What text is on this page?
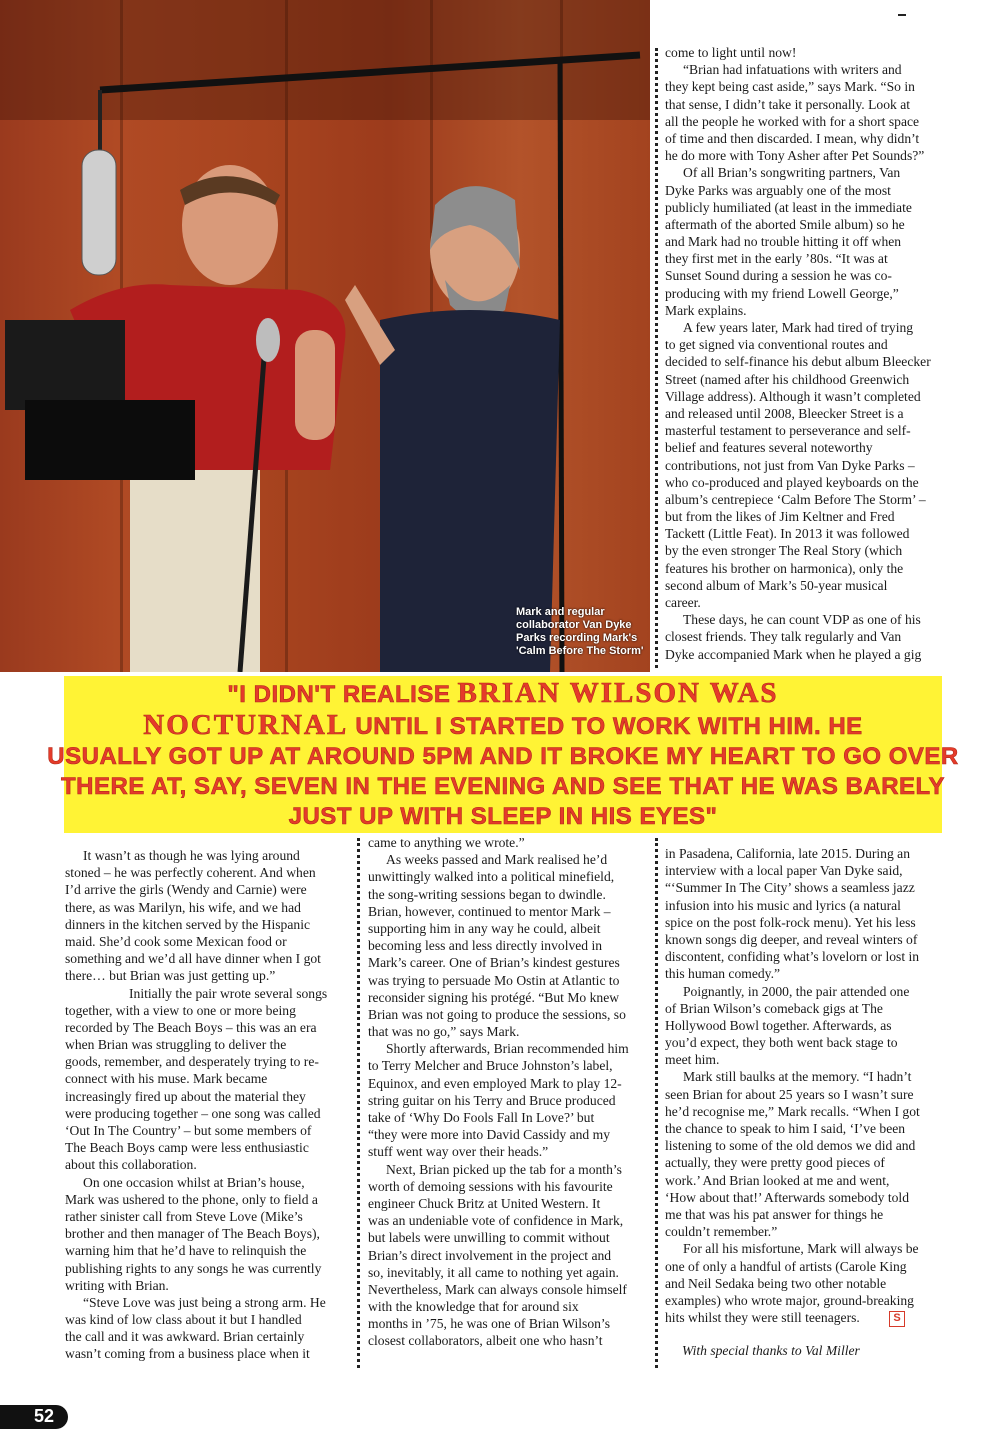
Mark and regular
collaborator Van Dyke
Parks recording Mark's
'Calm Before The Storm'
come to light until now!
“Brian had infatuations with writers and
they kept being cast aside,” says Mark. “So in
that sense, I didn’t take it personally. Look at
all the people he worked with for a short space
of time and then discarded. I mean, why didn’t
he do more with Tony Asher after Pet Sounds?”
Of all Brian’s songwriting partners, Van
Dyke Parks was arguably one of the most
publicly humiliated (at least in the immediate
aftermath of the aborted Smile album) so he
and Mark had no trouble hitting it off when
they first met in the early ’80s. “It was at
Sunset Sound during a session he was co-
producing with my friend Lowell George,”
Mark explains.
A few years later, Mark had tired of trying
to get signed via conventional routes and
decided to self-finance his debut album Bleecker
Street (named after his childhood Greenwich
Village address). Although it wasn’t completed
and released until 2008, Bleecker Street is a
masterful testament to perseverance and self-
belief and features several noteworthy
contributions, not just from Van Dyke Parks –
who co-produced and played keyboards on the
album’s centrepiece ‘Calm Before The Storm’ –
but from the likes of Jim Keltner and Fred
Tackett (Little Feat). In 2013 it was followed
by the even stronger The Real Story (which
features his brother on harmonica), only the
second album of Mark’s 50-year musical
career.
These days, he can count VDP as one of his
closest friends. They talk regularly and Van
Dyke accompanied Mark when he played a gig
"I DIDN'T REALISE BRIAN WILSON WAS
NOCTURNAL UNTIL I STARTED TO WORK WITH HIM. HE
USUALLY GOT UP AT AROUND 5PM AND IT BROKE MY HEART TO GO OVER
THERE AT, SAY, SEVEN IN THE EVENING AND SEE THAT HE WAS BARELY
JUST UP WITH SLEEP IN HIS EYES"
It wasn’t as though he was lying around
stoned – he was perfectly coherent. And when
I’d arrive the girls (Wendy and Carnie) were
there, as was Marilyn, his wife, and we had
dinners in the kitchen served by the Hispanic
maid. She’d cook some Mexican food or
something and we’d all have dinner when I got
there… but Brian was just getting up.”
Initially the pair wrote several songs
together, with a view to one or more being
recorded by The Beach Boys – this was an era
when Brian was struggling to deliver the
goods, remember, and desperately trying to re-
connect with his muse. Mark became
increasingly fired up about the material they
were producing together – one song was called
‘Out In The Country’ – but some members of
The Beach Boys camp were less enthusiastic
about this collaboration.
On one occasion whilst at Brian’s house,
Mark was ushered to the phone, only to field a
rather sinister call from Steve Love (Mike’s
brother and then manager of The Beach Boys),
warning him that he’d have to relinquish the
publishing rights to any songs he was currently
writing with Brian.
“Steve Love was just being a strong arm. He
was kind of low class about it but I handled
the call and it was awkward. Brian certainly
wasn’t coming from a business place when it
came to anything we wrote.”
As weeks passed and Mark realised he’d
unwittingly walked into a political minefield,
the song-writing sessions began to dwindle.
Brian, however, continued to mentor Mark –
supporting him in any way he could, albeit
becoming less and less directly involved in
Mark’s career. One of Brian’s kindest gestures
was trying to persuade Mo Ostin at Atlantic to
reconsider signing his protégé. “But Mo knew
Brian was not going to produce the sessions, so
that was no go,” says Mark.
Shortly afterwards, Brian recommended him
to Terry Melcher and Bruce Johnston’s label,
Equinox, and even employed Mark to play 12-
string guitar on his Terry and Bruce produced
take of ‘Why Do Fools Fall In Love?’ but
“they were more into David Cassidy and my
stuff went way over their heads.”
Next, Brian picked up the tab for a month’s
worth of demoing sessions with his favourite
engineer Chuck Britz at United Western. It
was an undeniable vote of confidence in Mark,
but labels were unwilling to commit without
Brian’s direct involvement in the project and
so, inevitably, it all came to nothing yet again.
Nevertheless, Mark can always console himself
with the knowledge that for around six
months in ’75, he was one of Brian Wilson’s
closest collaborators, albeit one who hasn’t
in Pasadena, California, late 2015. During an
interview with a local paper Van Dyke said,
“‘Summer In The City’ shows a seamless jazz
infusion into his music and lyrics (a natural
spice on the post folk-rock menu). Yet his less
known songs dig deeper, and reveal winters of
discontent, confiding what’s lovelorn or lost in
this human comedy.”
Poignantly, in 2000, the pair attended one
of Brian Wilson’s comeback gigs at The
Hollywood Bowl together. Afterwards, as
you’d expect, they both went back stage to
meet him.
Mark still baulks at the memory. “I hadn’t
seen Brian for about 25 years so I wasn’t sure
he’d recognise me,” Mark recalls. “When I got
the chance to speak to him I said, ‘I’ve been
listening to some of the old demos we did and
actually, they were pretty good pieces of
work.’ And Brian looked at me and went,
‘How about that!’ Afterwards somebody told
me that was his pat answer for things he
couldn’t remember.”
For all his misfortune, Mark will always be
one of only a handful of artists (Carole King
and Neil Sedaka being two other notable
examples) who wrote major, ground-breaking
hits whilst they were still teenagers.	S
With special thanks to Val Miller
52
